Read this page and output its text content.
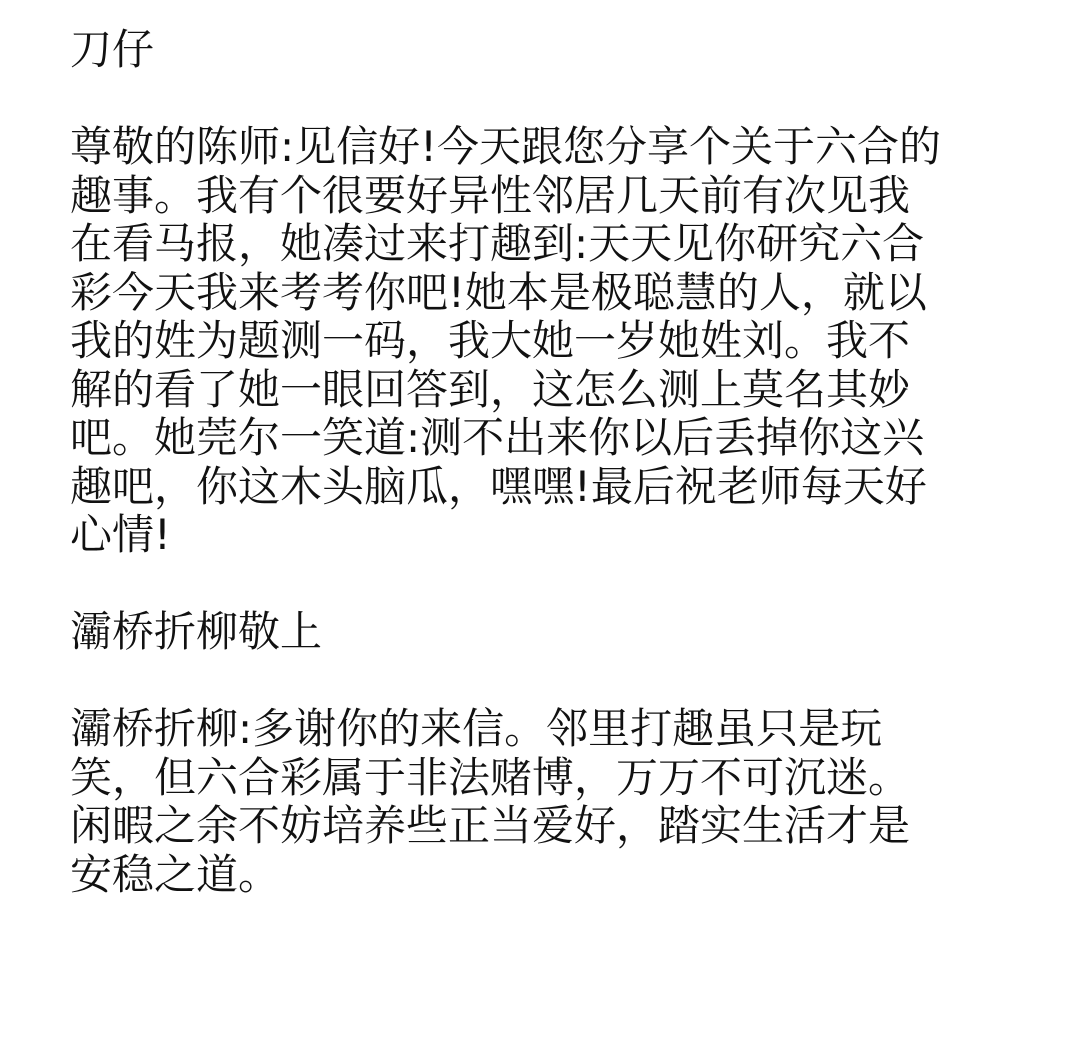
刀仔

尊敬的陈师:见信好!今天跟您分享个关于六合的
趣事。我有个很要好异性邻居几天前有次见我
在看马报，她凑过来打趣到:天天见你研究六合
彩今天我来考考你吧!她本是极聪慧的人，就以
我的姓为题测一码，我大她一岁她姓刘。我不
解的看了她一眼回答到，这怎么测上莫名其妙
吧。她莞尔一笑道:测不出来你以后丢掉你这兴
趣吧，你这木头脑瓜，嘿嘿!最后祝老师每天好
心情!

灞桥折柳敬上

灞桥折柳:多谢你的来信。邻里打趣虽只是玩
笑，但六合彩属于非法赌博，万万不可沉迷。
闲暇之余不妨培养些正当爱好，踏实生活才是
安稳之道。
